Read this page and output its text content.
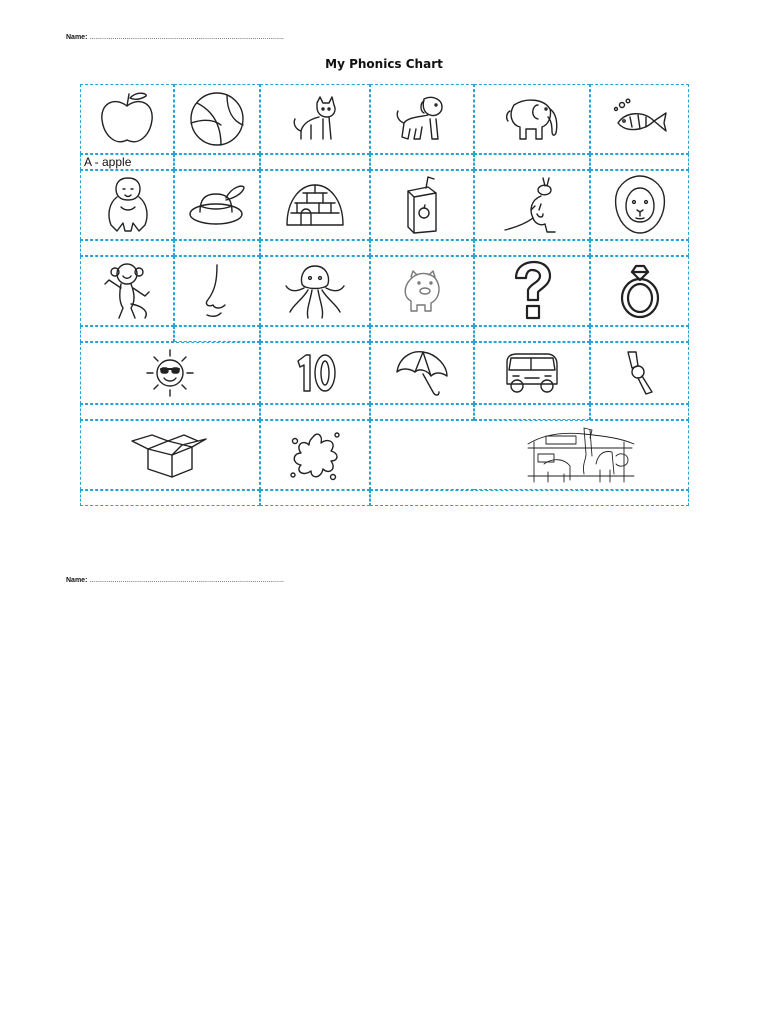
Name: ....................................................................................................
My Phonics Chart
A - apple
Name: ....................................................................................................
